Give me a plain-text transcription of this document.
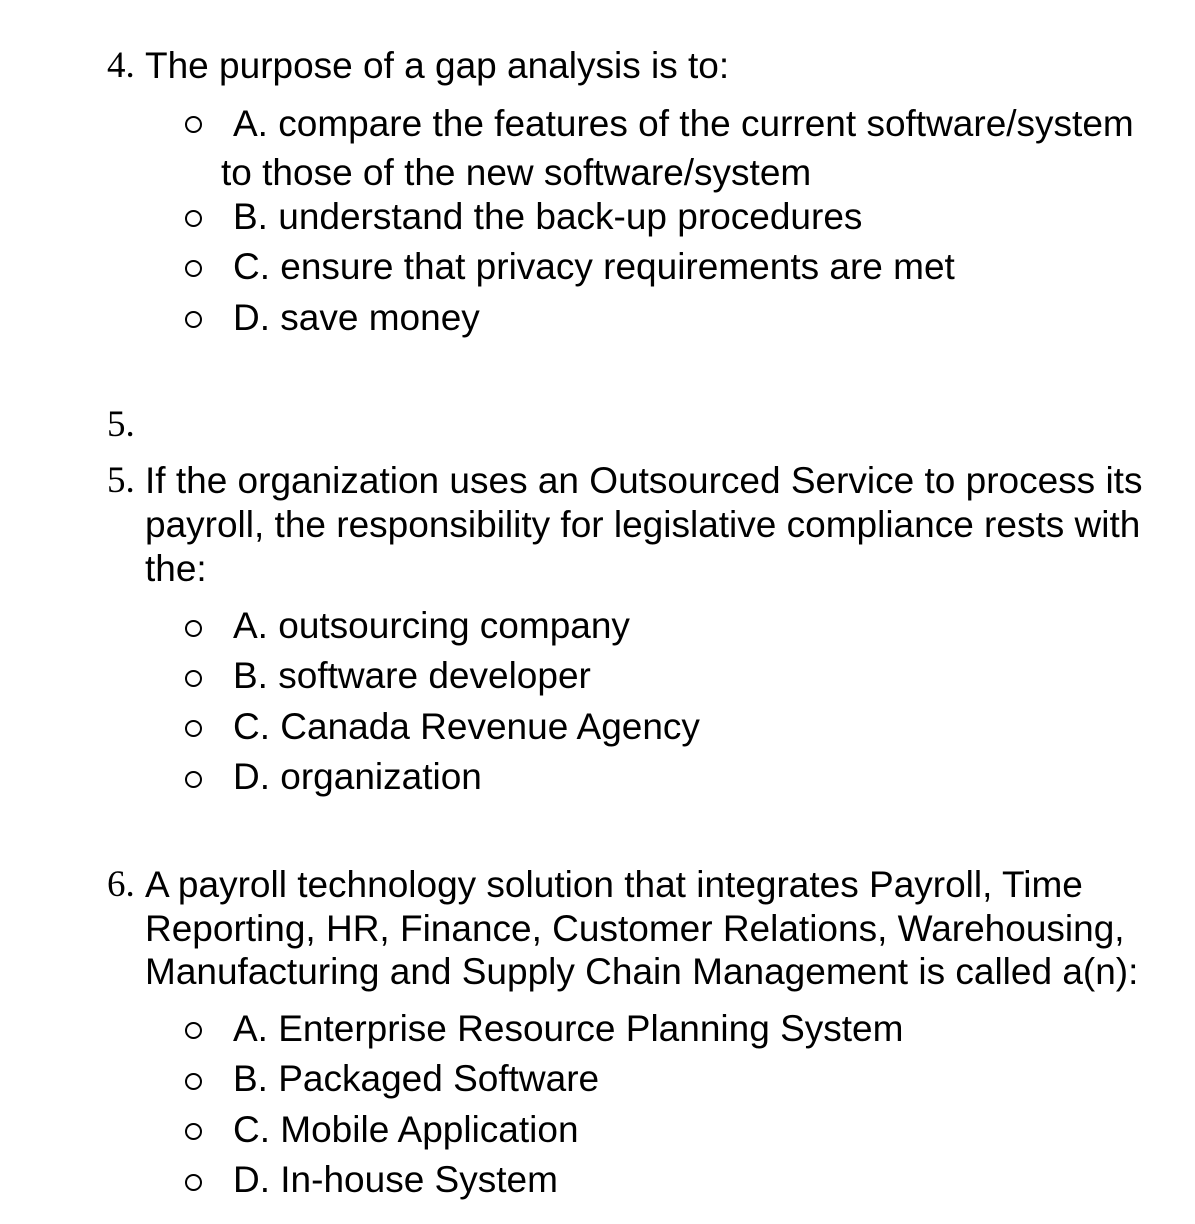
4. The purpose of a gap analysis is to:
A. compare the features of the current software/system
to those of the new software/system
B. understand the back-up procedures
C. ensure that privacy requirements are met
D. save money
5.
5. If the organization uses an Outsourced Service to process its
payroll, the responsibility for legislative compliance rests with
the:
A. outsourcing company
B. software developer
C. Canada Revenue Agency
D. organization
6. A payroll technology solution that integrates Payroll, Time
Reporting, HR, Finance, Customer Relations, Warehousing,
Manufacturing and Supply Chain Management is called a(n):
A. Enterprise Resource Planning System
B. Packaged Software
C. Mobile Application
D. In-house System
